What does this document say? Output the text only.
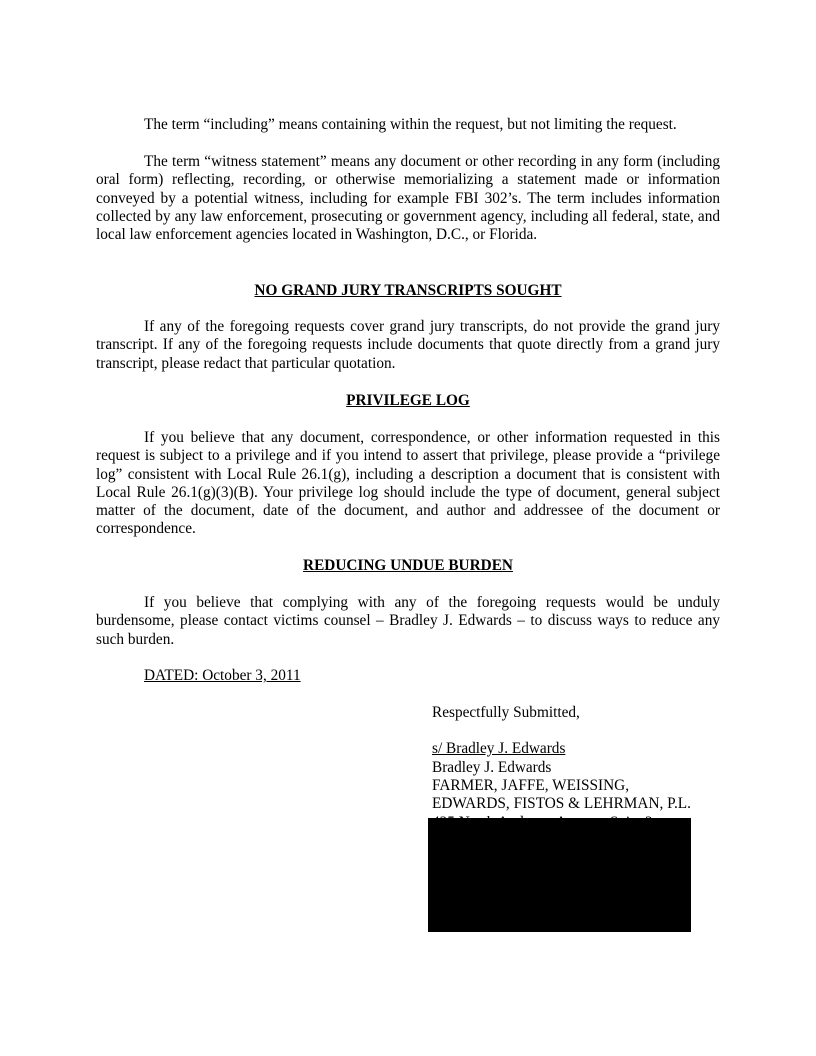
The term “including” means containing within the request, but not limiting the request.

The term “witness statement” means any document or other recording in any form (including oral form) reflecting, recording, or otherwise memorializing a statement made or information conveyed by a potential witness, including for example FBI 302’s. The term includes information collected by any law enforcement, prosecuting or government agency, including all federal, state, and local law enforcement agencies located in Washington, D.C., or Florida.

NO GRAND JURY TRANSCRIPTS SOUGHT

If any of the foregoing requests cover grand jury transcripts, do not provide the grand jury transcript. If any of the foregoing requests include documents that quote directly from a grand jury transcript, please redact that particular quotation.

PRIVILEGE LOG

If you believe that any document, correspondence, or other information requested in this request is subject to a privilege and if you intend to assert that privilege, please provide a “privilege log” consistent with Local Rule 26.1(g), including a description a document that is consistent with Local Rule 26.1(g)(3)(B). Your privilege log should include the type of document, general subject matter of the document, date of the document, and author and addressee of the document or correspondence.

REDUCING UNDUE BURDEN

If you believe that complying with any of the foregoing requests would be unduly burdensome, please contact victims counsel – Bradley J. Edwards – to discuss ways to reduce any such burden.

DATED: October 3, 2011

Respectfully Submitted,
s/ Bradley J. Edwards
Bradley J. Edwards
FARMER, JAFFE, WEISSING,
EDWARDS, FISTOS & LEHRMAN, P.L.
